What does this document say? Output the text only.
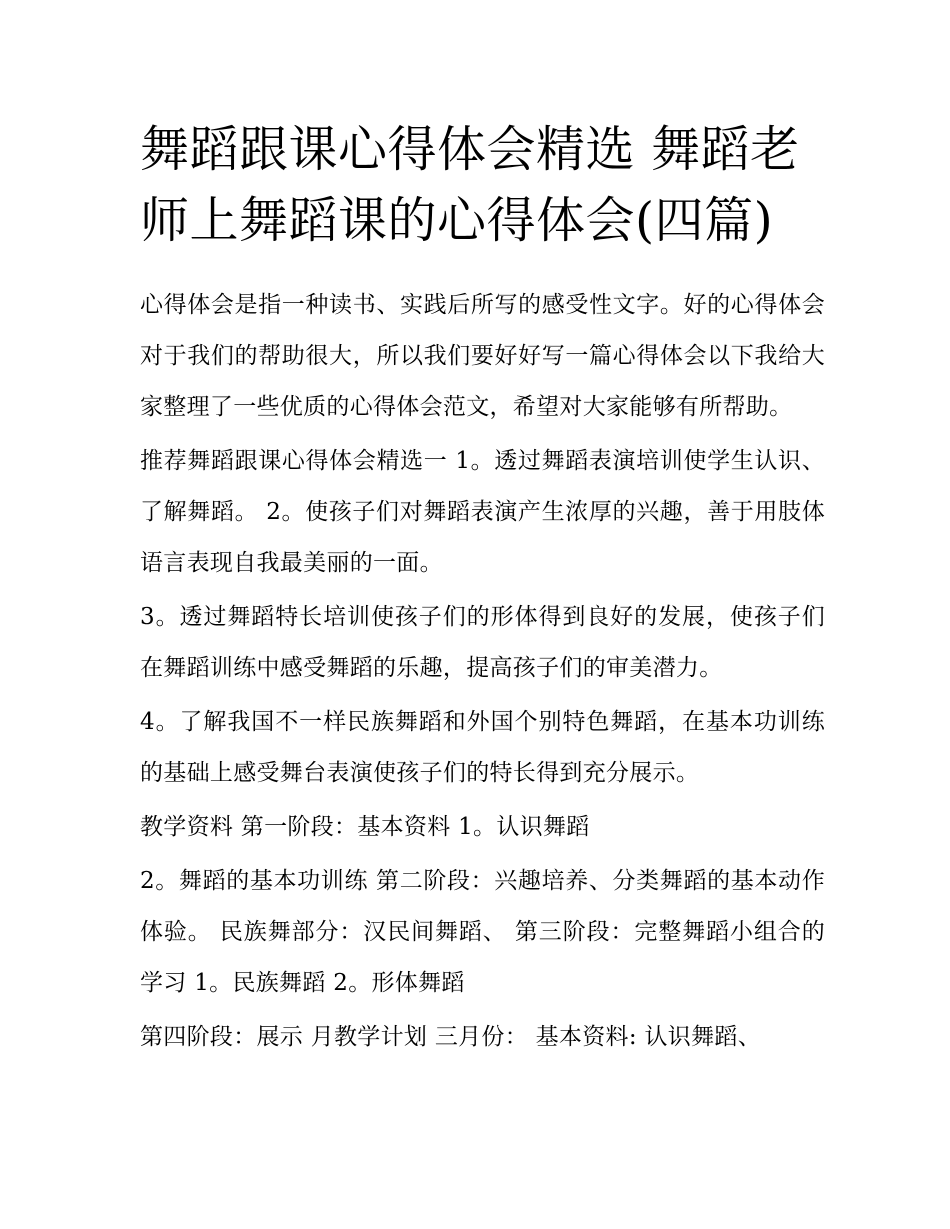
舞蹈跟课心得体会精选 舞蹈老师上舞蹈课的心得体会(四篇)

心得体会是指一种读书、实践后所写的感受性文字。好的心得体会对于我们的帮助很大，所以我们要好好写一篇心得体会以下我给大家整理了一些优质的心得体会范文，希望对大家能够有所帮助。

推荐舞蹈跟课心得体会精选一 1。透过舞蹈表演培训使学生认识、了解舞蹈。 2。使孩子们对舞蹈表演产生浓厚的兴趣，善于用肢体语言表现自我最美丽的一面。

3。透过舞蹈特长培训使孩子们的形体得到良好的发展，使孩子们在舞蹈训练中感受舞蹈的乐趣，提高孩子们的审美潜力。

4。了解我国不一样民族舞蹈和外国个别特色舞蹈，在基本功训练的基础上感受舞台表演使孩子们的特长得到充分展示。

教学资料 第一阶段：基本资料 1。认识舞蹈

2。舞蹈的基本功训练 第二阶段：兴趣培养、分类舞蹈的基本动作体验。 民族舞部分：汉民间舞蹈、 第三阶段：完整舞蹈小组合的学习 1。民族舞蹈 2。形体舞蹈

第四阶段：展示 月教学计划 三月份： 基本资料: 认识舞蹈、
